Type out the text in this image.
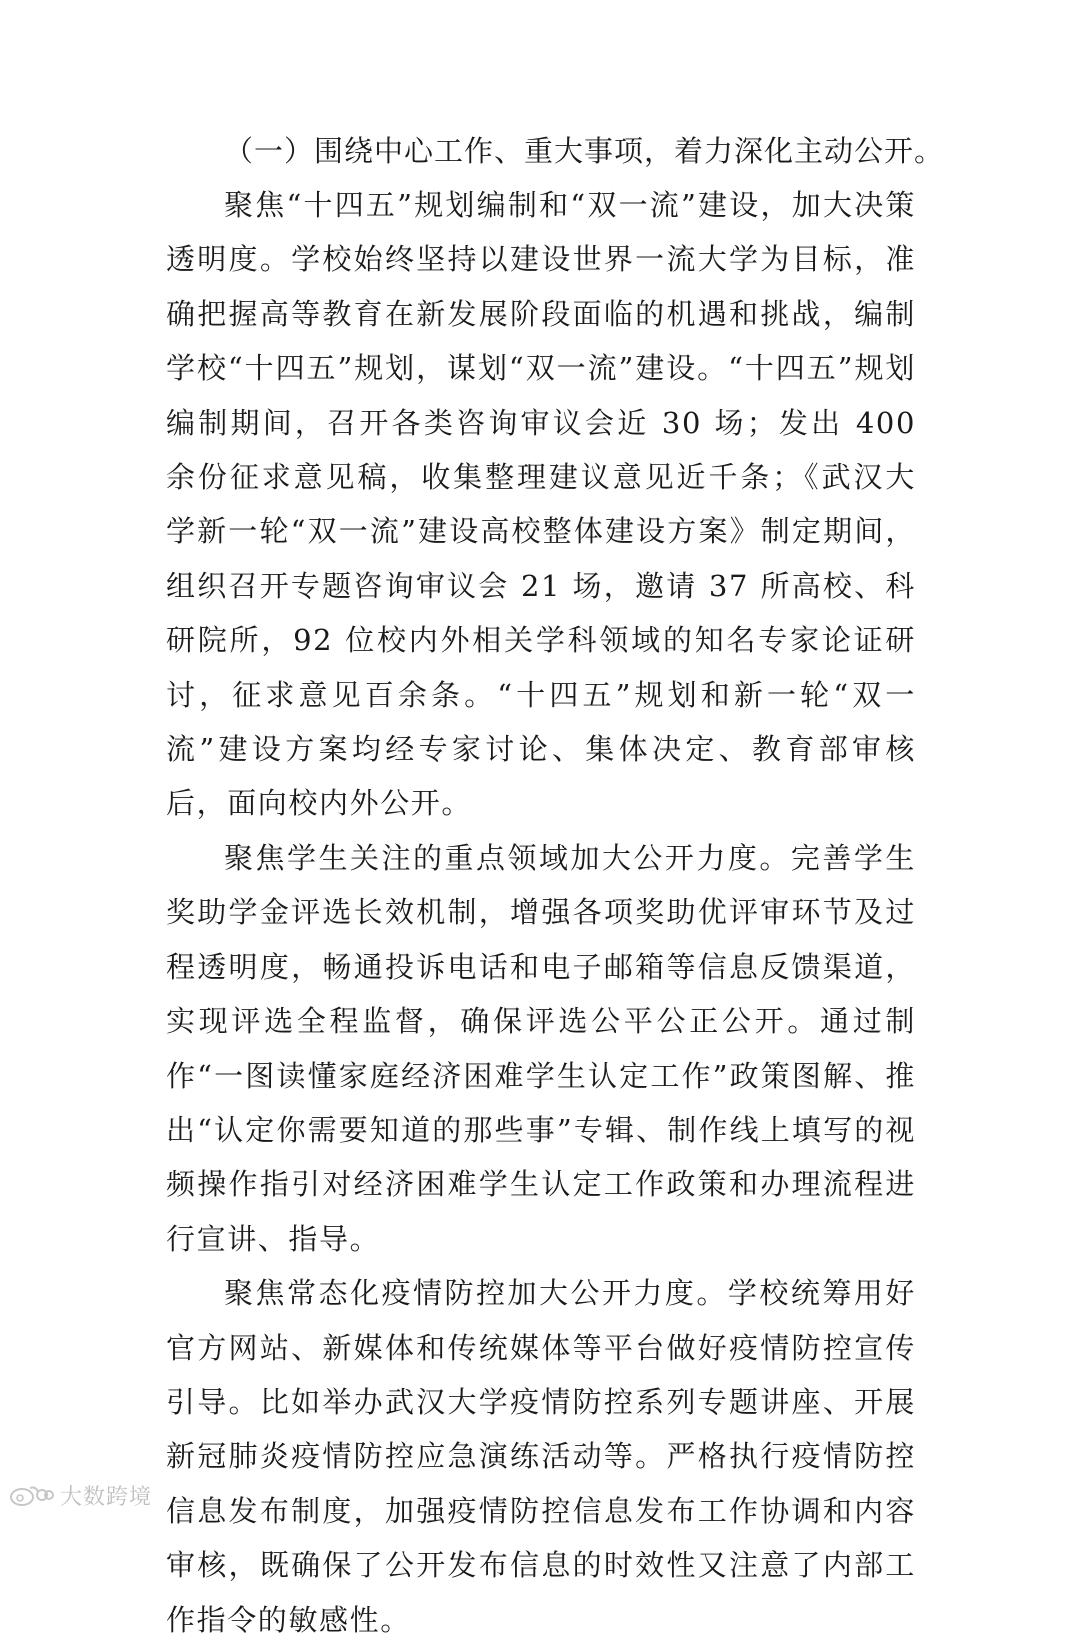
（一）围绕中心工作、重大事项，着力深化主动公开。

聚焦“十四五”规划编制和“双一流”建设，加大决策透明度。学校始终坚持以建设世界一流大学为目标，准确把握高等教育在新发展阶段面临的机遇和挑战，编制学校“十四五”规划，谋划“双一流”建设。“十四五”规划编制期间，召开各类咨询审议会近 30 场；发出 400 余份征求意见稿，收集整理建议意见近千条；《武汉大学新一轮“双一流”建设高校整体建设方案》制定期间，组织召开专题咨询审议会 21 场，邀请 37 所高校、科研院所，92 位校内外相关学科领域的知名专家论证研讨，征求意见百余条。“十四五”规划和新一轮“双一流”建设方案均经专家讨论、集体决定、教育部审核后，面向校内外公开。

聚焦学生关注的重点领域加大公开力度。完善学生奖助学金评选长效机制，增强各项奖助优评审环节及过程透明度，畅通投诉电话和电子邮箱等信息反馈渠道，实现评选全程监督，确保评选公平公正公开。通过制作“一图读懂家庭经济困难学生认定工作”政策图解、推出“认定你需要知道的那些事”专辑、制作线上填写的视频操作指引对经济困难学生认定工作政策和办理流程进行宣讲、指导。

聚焦常态化疫情防控加大公开力度。学校统筹用好官方网站、新媒体和传统媒体等平台做好疫情防控宣传引导。比如举办武汉大学疫情防控系列专题讲座、开展新冠肺炎疫情防控应急演练活动等。严格执行疫情防控信息发布制度，加强疫情防控信息发布工作协调和内容审核，既确保了公开发布信息的时效性又注意了内部工作指令的敏感性。

大数跨境
